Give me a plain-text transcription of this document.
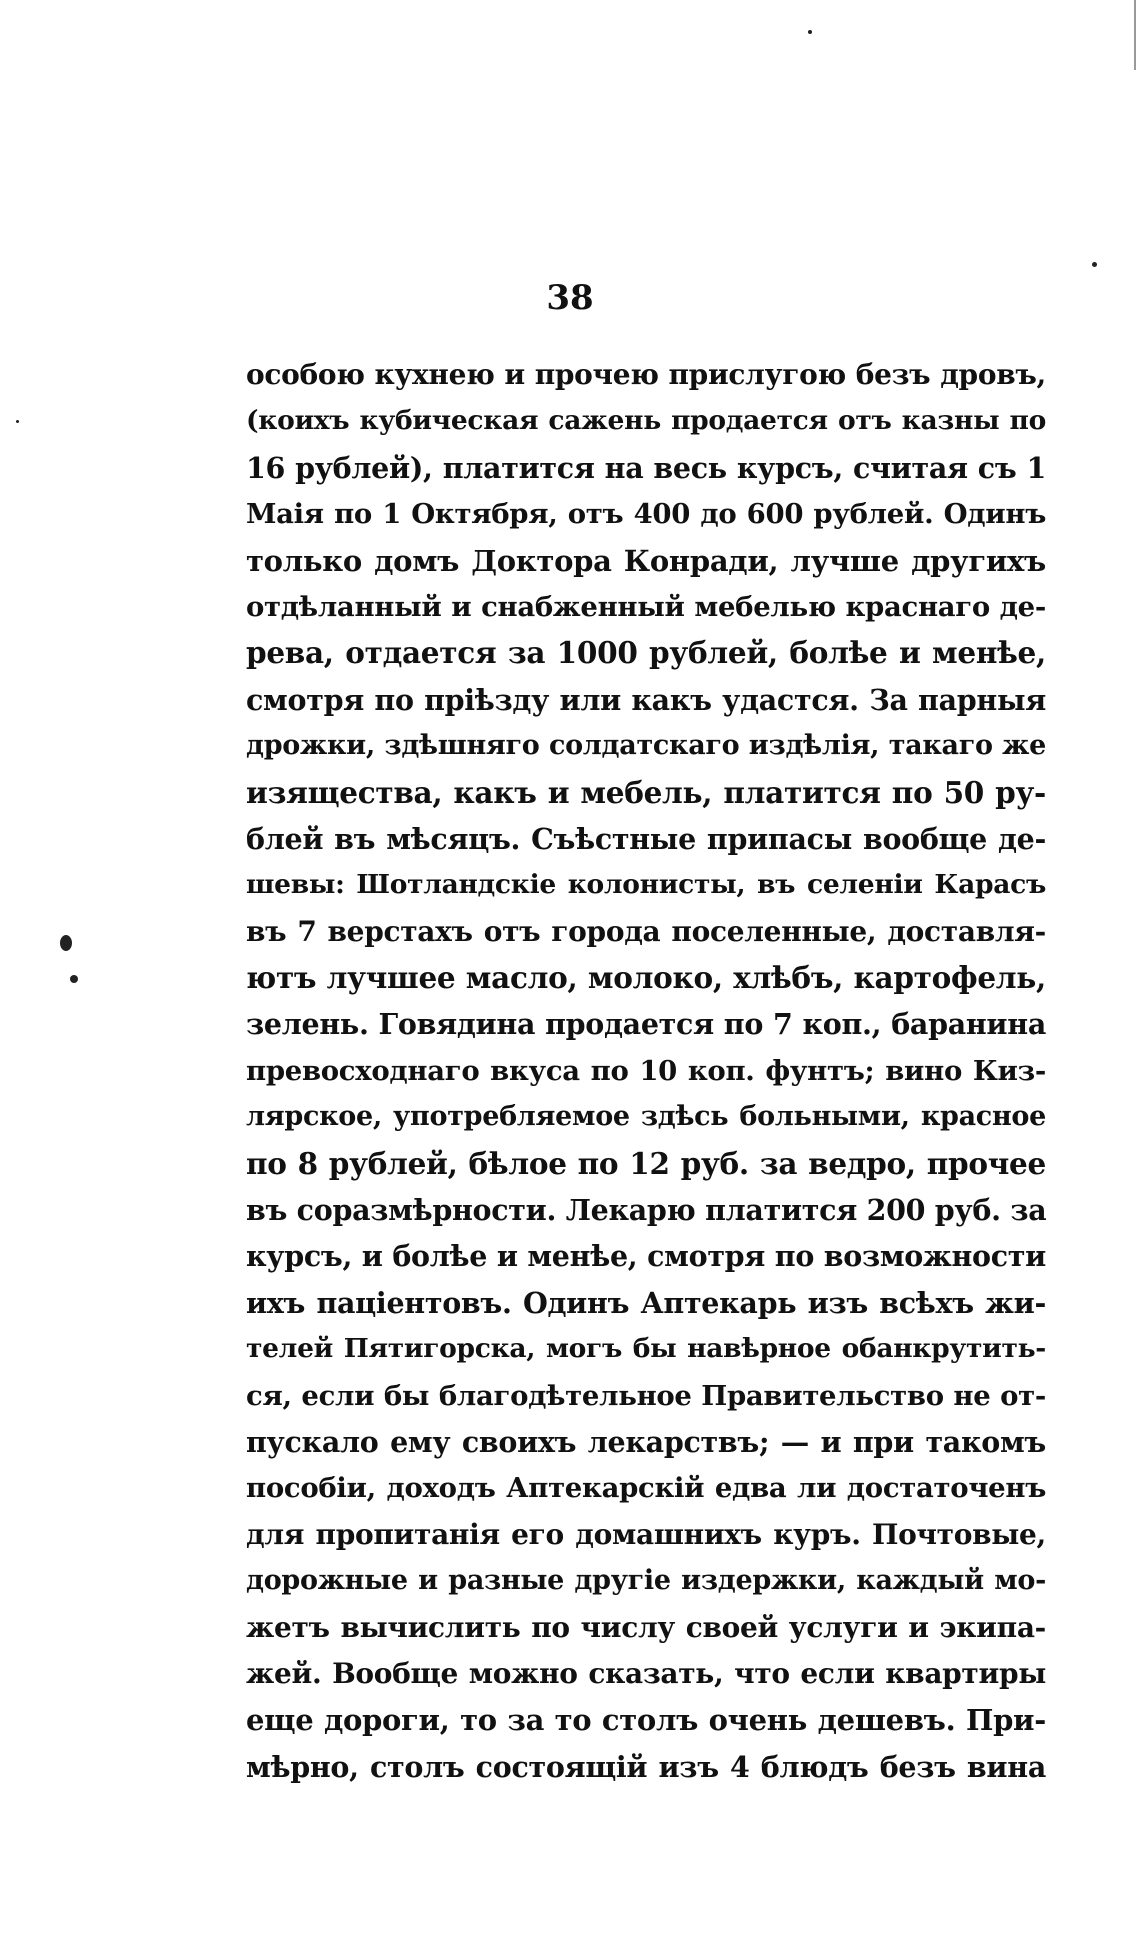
38
особою кухнею и прочею прислугою безъ дровъ,
(коихъ кубическая сажень продается отъ казны по
16 рублей), платится на весь курсъ, считая съ 1
Маія по 1 Октября, отъ 400 до 600 рублей. Одинъ
только домъ Доктора Конради, лучше другихъ
отдѣланный и снабженный мебелью краснаго де-
рева, отдается за 1000 рублей, болѣе и менѣе,
смотря по пріѣзду или какъ удастся. За парныя
дрожки, здѣшняго солдатскаго издѣлія, такаго же
изящества, какъ и мебель, платится по 50 ру-
блей въ мѣсяцъ. Съѣстные припасы вообще де-
шевы: Шотландскіе колонисты, въ селеніи Карасъ
въ 7 верстахъ отъ города поселенные, доставля-
ютъ лучшее масло, молоко, хлѣбъ, картофель,
зелень. Говядина продается по 7 коп., баранина
превосходнаго вкуса по 10 коп. фунтъ; вино Киз-
лярское, употребляемое здѣсь больными, красное
по 8 рублей, бѣлое по 12 руб. за ведро, прочее
въ соразмѣрности. Лекарю платится 200 руб. за
курсъ, и болѣе и менѣе, смотря по возможности
ихъ паціентовъ. Одинъ Аптекарь изъ всѣхъ жи-
телей Пятигорска, могъ бы навѣрное обанкрутить-
ся, если бы благодѣтельное Правительство не от-
пускало ему своихъ лекарствъ; — и при такомъ
пособіи, доходъ Аптекарскій едва ли достаточенъ
для пропитанія его домашнихъ куръ. Почтовые,
дорожные и разные другіе издержки, каждый мо-
жетъ вычислить по числу своей услуги и экипа-
жей. Вообще можно сказать, что если квартиры
еще дороги, то за то столъ очень дешевъ. При-
мѣрно, столъ состоящій изъ 4 блюдъ безъ вина
